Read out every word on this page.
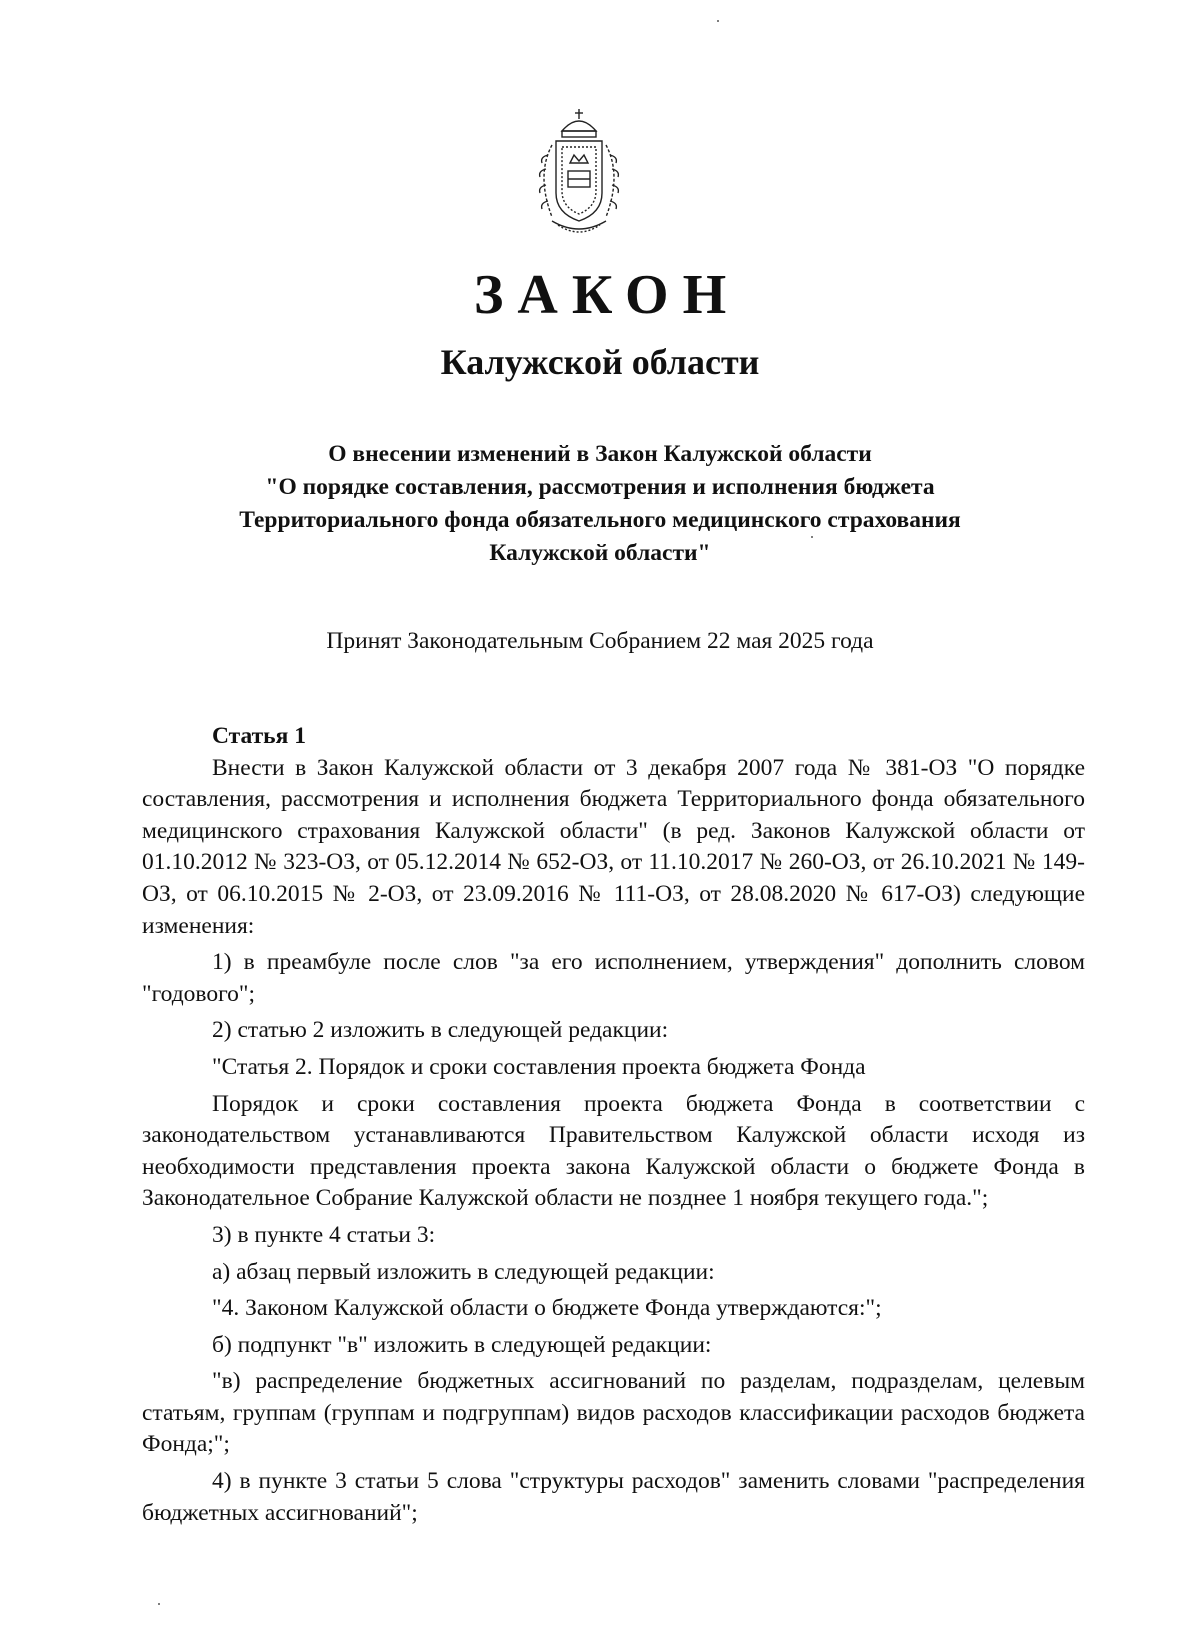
ЗАКОН
Калужской области
О внесении изменений в Закон Калужской области
"О порядке составления, рассмотрения и исполнения бюджета
Территориального фонда обязательного медицинского страхования
Калужской области"
Принят Законодательным Собранием 22 мая 2025 года

Статья 1

Внести в Закон Калужской области от 3 декабря 2007 года № 381-ОЗ "О порядке составления, рассмотрения и исполнения бюджета Территориального фонда обязательного медицинского страхования Калужской области" (в ред. Законов Калужской области от 01.10.2012 № 323-ОЗ, от 05.12.2014 № 652-ОЗ, от 11.10.2017 № 260-ОЗ, от 26.10.2021 № 149-ОЗ, от 06.10.2015 № 2-ОЗ, от 23.09.2016 № 111-ОЗ, от 28.08.2020 № 617-ОЗ) следующие изменения:

1) в преамбуле после слов "за его исполнением, утверждения" дополнить словом "годового";

2) статью 2 изложить в следующей редакции:

"Статья 2. Порядок и сроки составления проекта бюджета Фонда

Порядок и сроки составления проекта бюджета Фонда в соответствии с законодательством устанавливаются Правительством Калужской области исходя из необходимости представления проекта закона Калужской области о бюджете Фонда в Законодательное Собрание Калужской области не позднее 1 ноября текущего года.";

3) в пункте 4 статьи 3:

а) абзац первый изложить в следующей редакции:

"4. Законом Калужской области о бюджете Фонда утверждаются:";

б) подпункт "в" изложить в следующей редакции:

"в) распределение бюджетных ассигнований по разделам, подразделам, целевым статьям, группам (группам и подгруппам) видов расходов классификации расходов бюджета Фонда;";

4) в пункте 3 статьи 5 слова "структуры расходов" заменить словами "распределения бюджетных ассигнований";
